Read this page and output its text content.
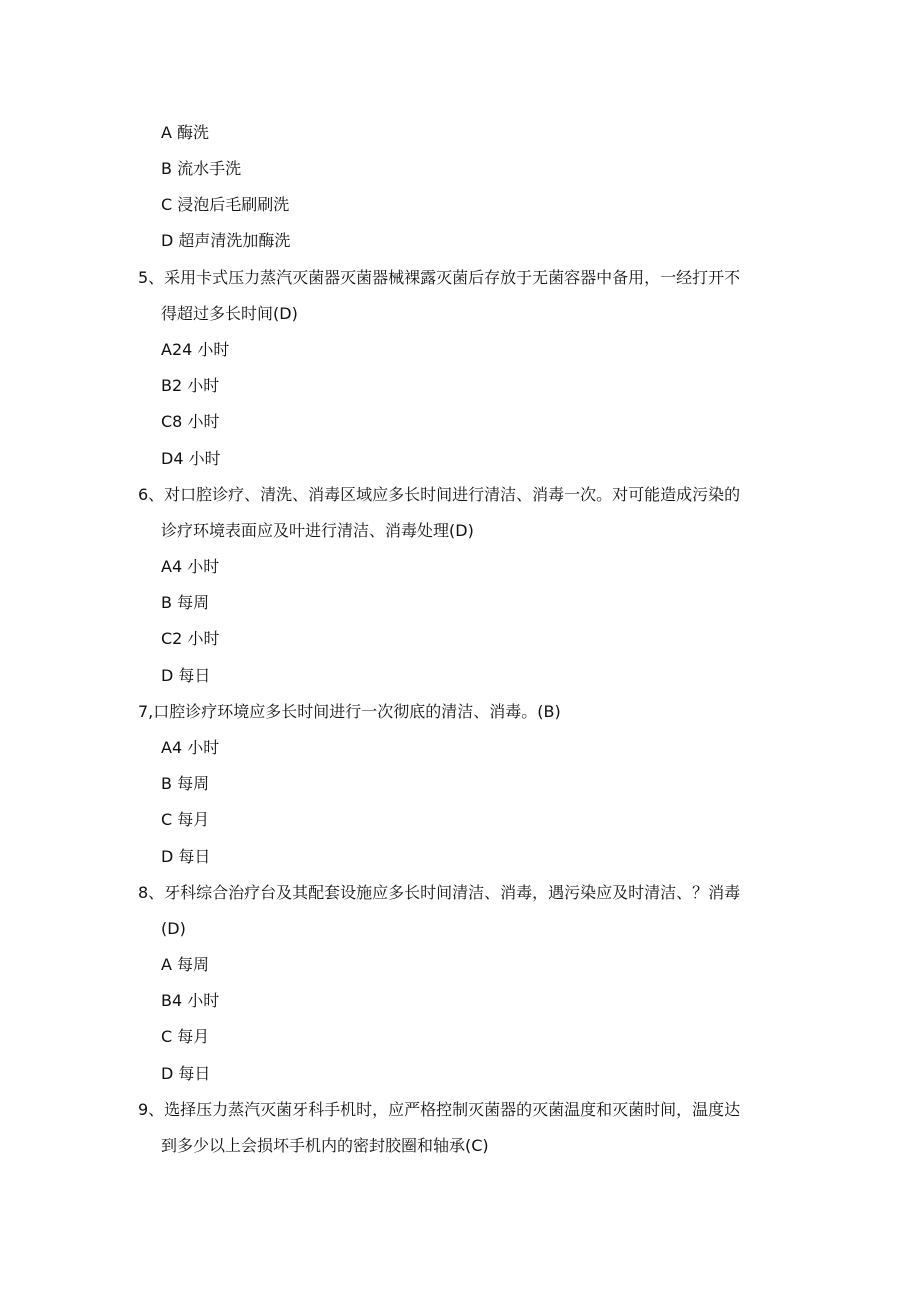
A 酶洗
B 流水手洗
C 浸泡后毛刷刷洗
D 超声清洗加酶洗
5、采用卡式压力蒸汽灭菌器灭菌器械裸露灭菌后存放于无菌容器中备用，一经打开不
得超过多长时间(D)
A24 小时
B2 小时
C8 小时
D4 小时
6、对口腔诊疗、清洗、消毒区域应多长时间进行清洁、消毒一次。对可能造成污染的
诊疗环境表面应及叶进行清洁、消毒处理(D)
A4 小时
B 每周
C2 小时
D 每日
7,口腔诊疗环境应多长时间进行一次彻底的清洁、消毒。(B)
A4 小时
B 每周
C 每月
D 每日
8、牙科综合治疗台及其配套设施应多长时间清洁、消毒，遇污染应及时清洁、？消毒
(D)
A 每周
B4 小时
C 每月
D 每日
9、选择压力蒸汽灭菌牙科手机时，应严格控制灭菌器的灭菌温度和灭菌时间，温度达
到多少以上会损坏手机内的密封胶圈和轴承(C)
